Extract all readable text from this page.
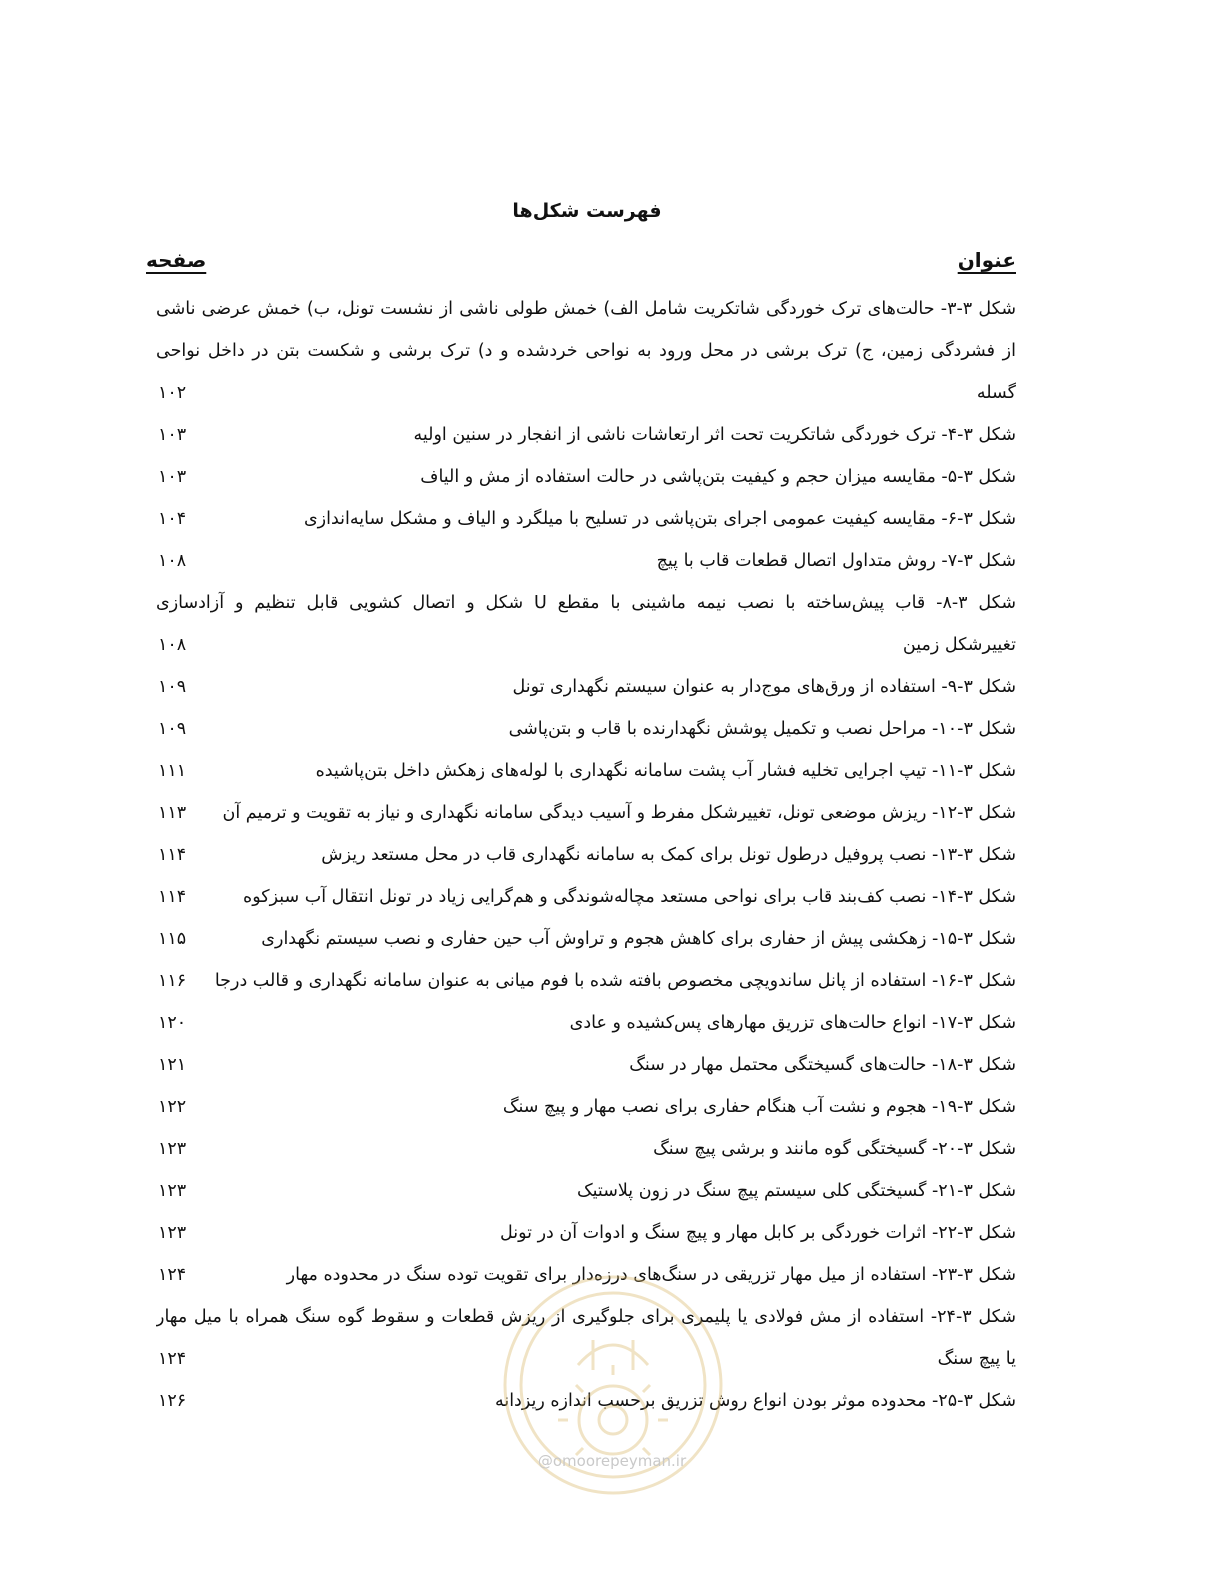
فهرست شکل‌ها
عنوان
صفحه
شکل ۳-۳- حالت‌های ترک خوردگی شاتکریت شامل الف) خمش طولی ناشی از نشست تونل، ب) خمش عرضی ناشی
از فشردگی زمین، ج) ترک برشی در محل ورود به نواحی خردشده و د) ترک برشی و شکست بتن در داخل نواحی
گسله
۱۰۲
شکل ۳-۴- ترک خوردگی شاتکریت تحت اثر ارتعاشات ناشی از انفجار در سنین اولیه
۱۰۳
شکل ۳-۵- مقایسه میزان حجم و کیفیت بتن‌پاشی در حالت استفاده از مش و الیاف
۱۰۳
شکل ۳-۶- مقایسه کیفیت عمومی اجرای بتن‌پاشی در تسلیح با میلگرد و الیاف و مشکل سایه‌اندازی
۱۰۴
شکل ۳-۷- روش متداول اتصال قطعات قاب با پیچ
۱۰۸
شکل ۳-۸- قاب پیش‌ساخته با نصب نیمه ماشینی با مقطع U شکل و اتصال کشویی قابل تنظیم و آزادسازی
تغییرشکل زمین
۱۰۸
شکل ۳-۹- استفاده از ورق‌های موج‌دار به عنوان سیستم نگهداری تونل
۱۰۹
شکل ۳-۱۰- مراحل نصب و تکمیل پوشش نگهدارنده با قاب و بتن‌پاشی
۱۰۹
شکل ۳-۱۱- تیپ اجرایی تخلیه فشار آب پشت سامانه نگهداری با لوله‌های زهکش داخل بتن‌پاشیده
۱۱۱
شکل ۳-۱۲- ریزش موضعی تونل، تغییرشکل مفرط و آسیب دیدگی سامانه نگهداری و نیاز به تقویت و ترمیم آن
۱۱۳
شکل ۳-۱۳- نصب پروفیل درطول تونل برای کمک به سامانه نگهداری قاب در محل مستعد ریزش
۱۱۴
شکل ۳-۱۴- نصب کف‌بند قاب برای نواحی مستعد مچاله‌شوندگی و هم‌گرایی زیاد در تونل انتقال آب سبزکوه
۱۱۴
شکل ۳-۱۵- زهکشی پیش از حفاری برای کاهش هجوم و تراوش آب حین حفاری و نصب سیستم نگهداری
۱۱۵
شکل ۳-۱۶- استفاده از پانل ساندویچی مخصوص بافته شده با فوم میانی به عنوان سامانه نگهداری و قالب درجا
۱۱۶
شکل ۳-۱۷- انواع حالت‌های تزریق مهارهای پس‌کشیده و عادی
۱۲۰
شکل ۳-۱۸- حالت‌های گسیختگی محتمل مهار در سنگ
۱۲۱
شکل ۳-۱۹- هجوم و نشت آب هنگام حفاری برای نصب مهار و پیچ سنگ
۱۲۲
شکل ۳-۲۰- گسیختگی گوه مانند و برشی پیچ سنگ
۱۲۳
شکل ۳-۲۱- گسیختگی کلی سیستم پیچ سنگ در زون پلاستیک
۱۲۳
شکل ۳-۲۲- اثرات خوردگی بر کابل مهار و پیچ سنگ و ادوات آن در تونل
۱۲۳
شکل ۳-۲۳- استفاده از میل مهار تزریقی در سنگ‌های درزه‌دار برای تقویت توده سنگ در محدوده مهار
۱۲۴
شکل ۳-۲۴- استفاده از مش فولادی یا پلیمری برای جلوگیری از ریزش قطعات و سقوط گوه سنگ همراه با میل مهار
یا پیچ سنگ
۱۲۴
شکل ۳-۲۵- محدوده موثر بودن انواع روش تزریق برحسب اندازه ریزدانه
۱۲۶
@omoorepeyman.ir
